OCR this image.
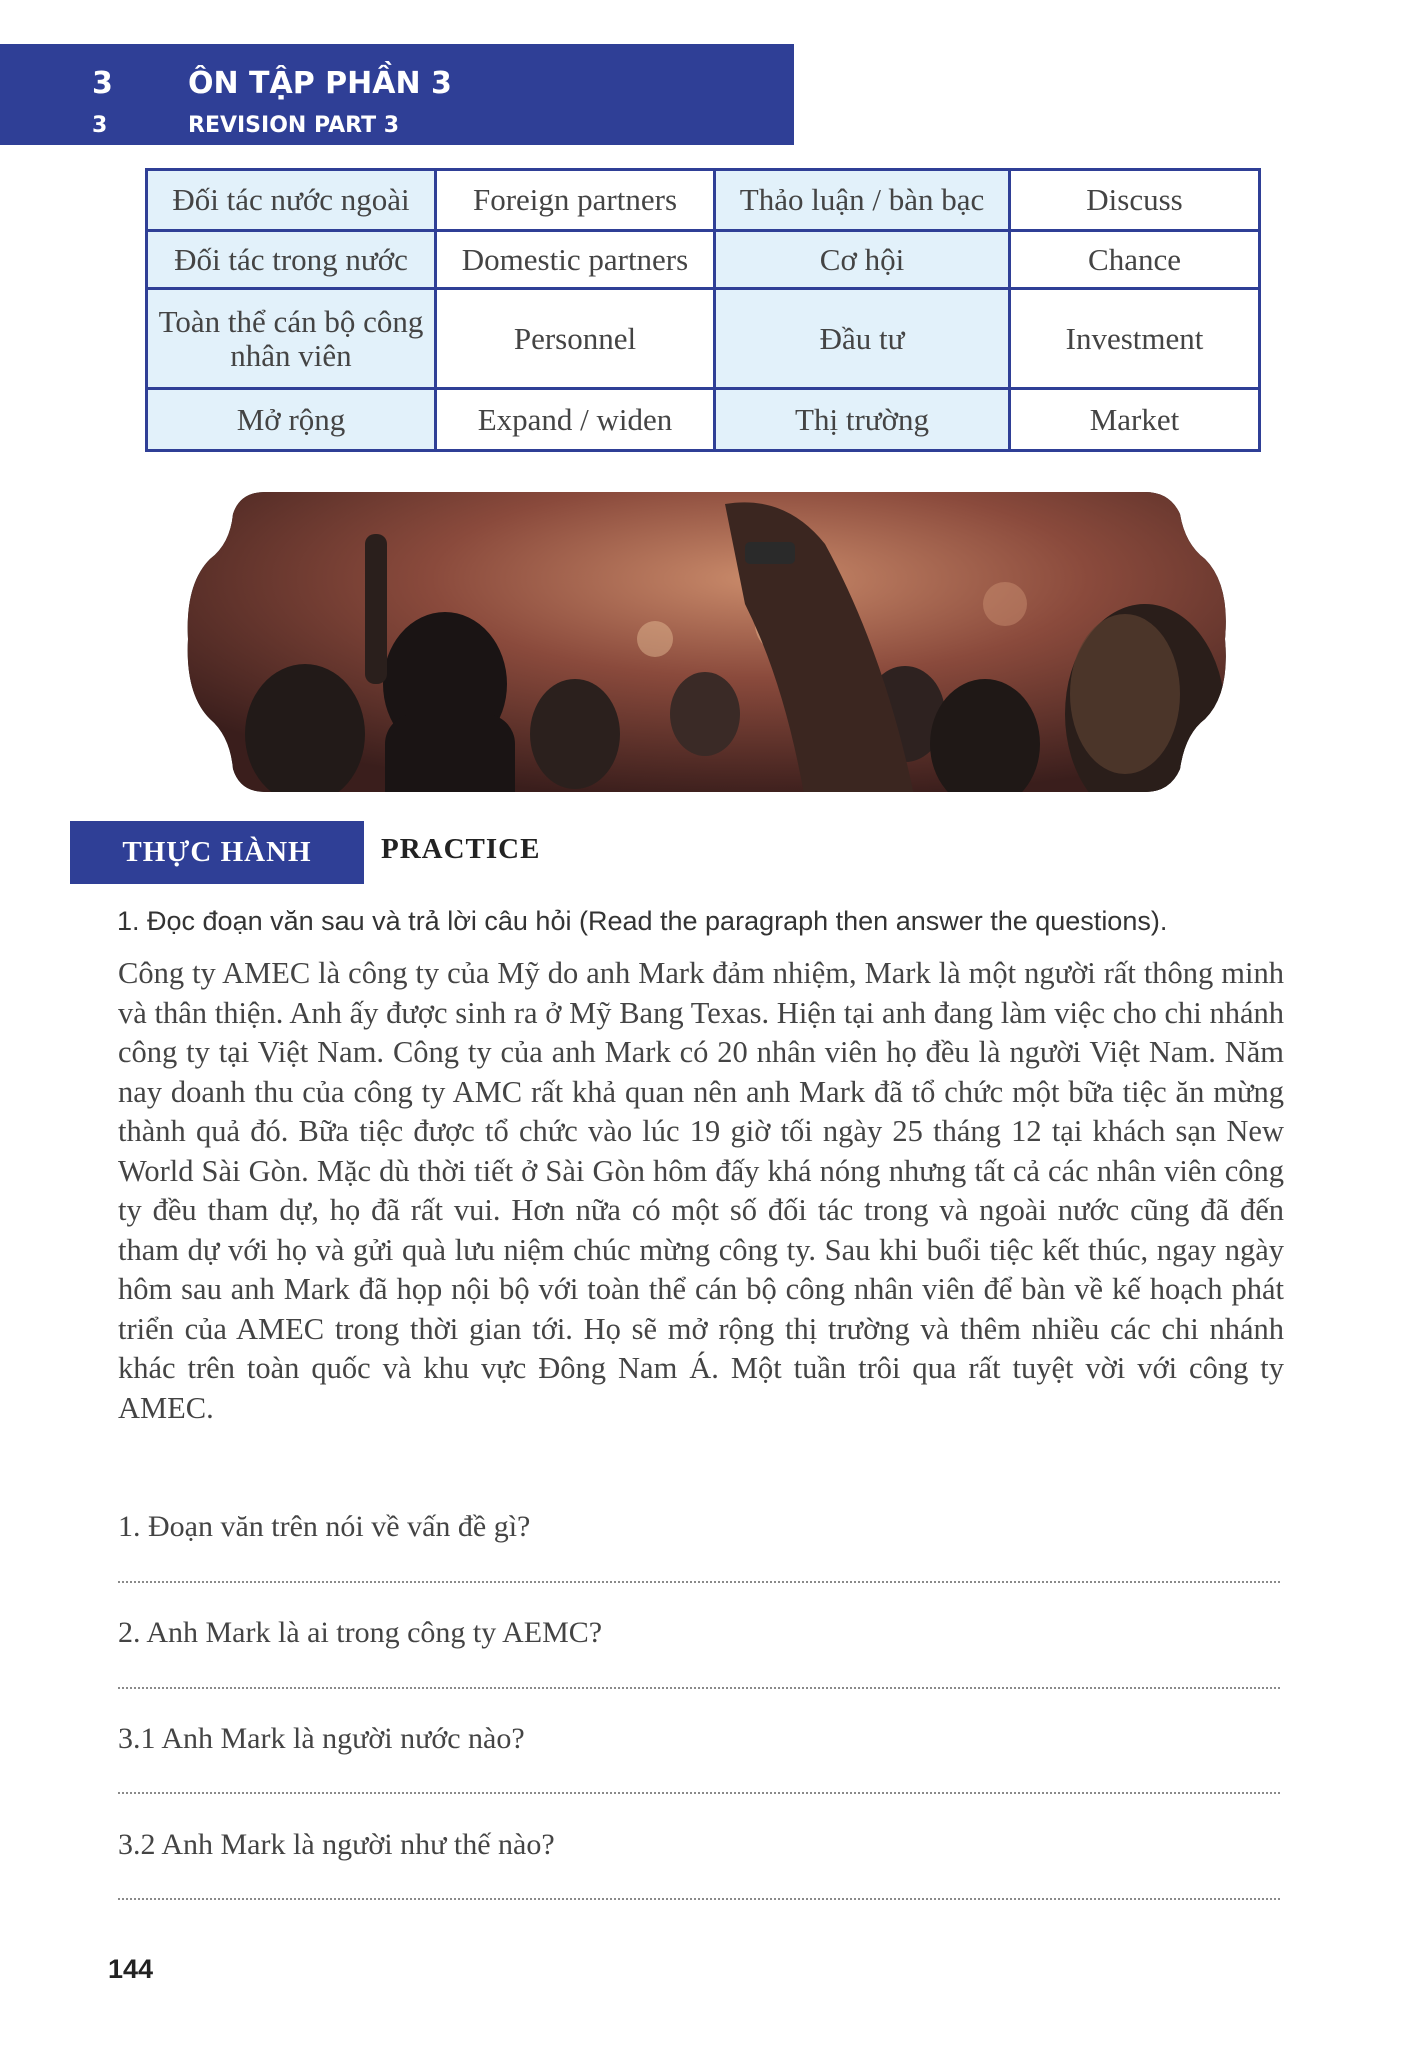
3	ÔN TẬP PHẦN 3
3	REVISION PART 3
Đối tác nước ngoài	Foreign partners	Thảo luận / bàn bạc	Discuss
Đối tác trong nước	Domestic partners	Cơ hội	Chance
Toàn thể cán bộ công nhân viên	Personnel	Đầu tư	Investment
Mở rộng	Expand / widen	Thị trường	Market
THỰC HÀNH	PRACTICE
1. Đọc đoạn văn sau và trả lời câu hỏi (Read the paragraph then answer the questions).
Công ty AMEC là công ty của Mỹ do anh Mark đảm nhiệm, Mark là một người rất thông minh và thân thiện. Anh ấy được sinh ra ở Mỹ Bang Texas. Hiện tại anh đang làm việc cho chi nhánh công ty tại Việt Nam. Công ty của anh Mark có 20 nhân viên họ đều là người Việt Nam. Năm nay doanh thu của công ty AMC rất khả quan nên anh Mark đã tổ chức một bữa tiệc ăn mừng thành quả đó. Bữa tiệc được tổ chức vào lúc 19 giờ tối ngày 25 tháng 12 tại khách sạn New World Sài Gòn. Mặc dù thời tiết ở Sài Gòn hôm đấy khá nóng nhưng tất cả các nhân viên công ty đều tham dự, họ đã rất vui. Hơn nữa có một số đối tác trong và ngoài nước cũng đã đến tham dự với họ và gửi quà lưu niệm chúc mừng công ty. Sau khi buổi tiệc kết thúc, ngay ngày hôm sau anh Mark đã họp nội bộ với toàn thể cán bộ công nhân viên để bàn về kế hoạch phát triển của AMEC trong thời gian tới. Họ sẽ mở rộng thị trường và thêm nhiều các chi nhánh khác trên toàn quốc và khu vực Đông Nam Á. Một tuần trôi qua rất tuyệt vời với công ty AMEC.
1. Đoạn văn trên nói về vấn đề gì?
2. Anh Mark là ai trong công ty AEMC?
3.1 Anh Mark là người nước nào?
3.2 Anh Mark là người như thế nào?
144
